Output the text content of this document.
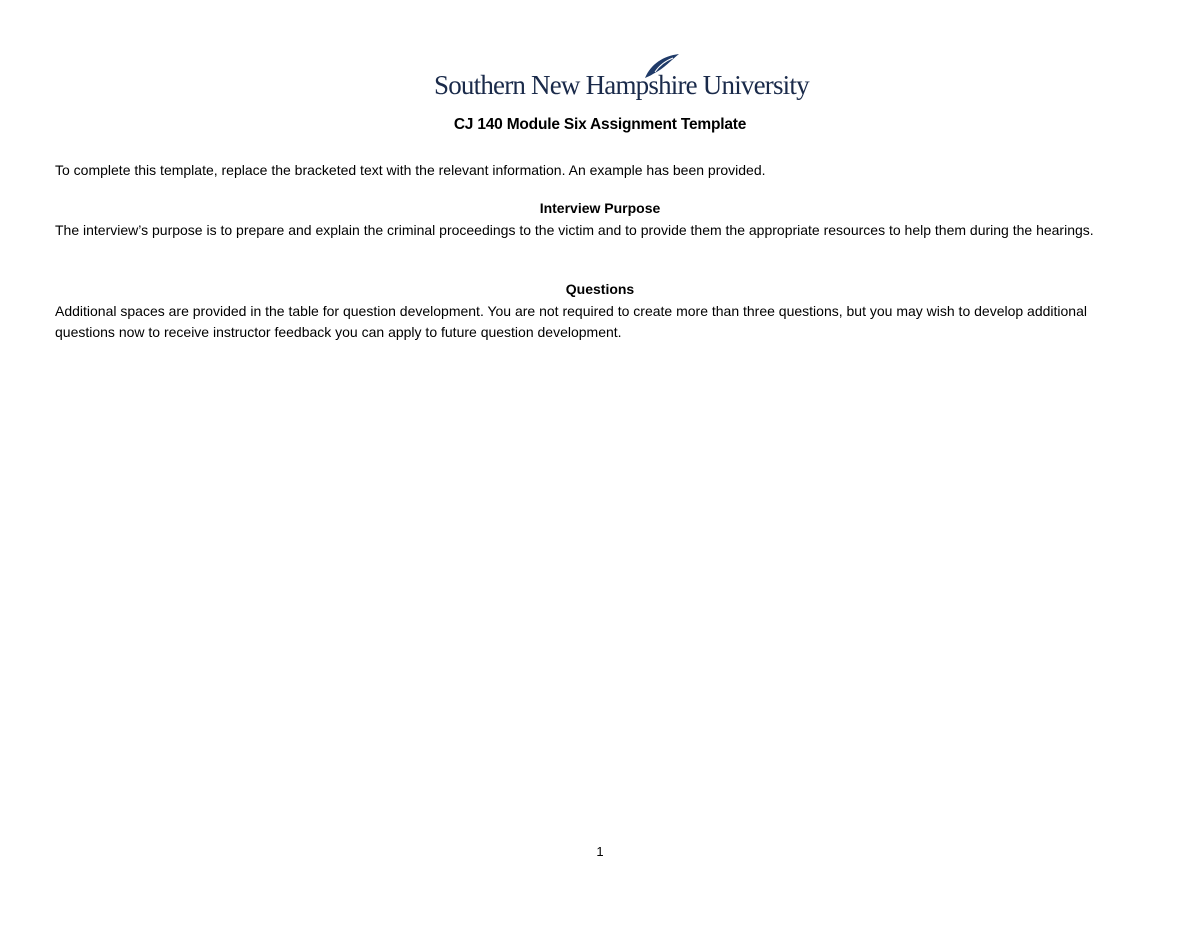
Southern New Hampshire University
CJ 140 Module Six Assignment Template
To complete this template, replace the bracketed text with the relevant information. An example has been provided.
Interview Purpose
The interview’s purpose is to prepare and explain the criminal proceedings to the victim and to provide them the appropriate resources to help them during the hearings.
Questions
Additional spaces are provided in the table for question development. You are not required to create more than three questions, but you may wish to develop additional questions now to receive instructor feedback you can apply to future question development.
1
